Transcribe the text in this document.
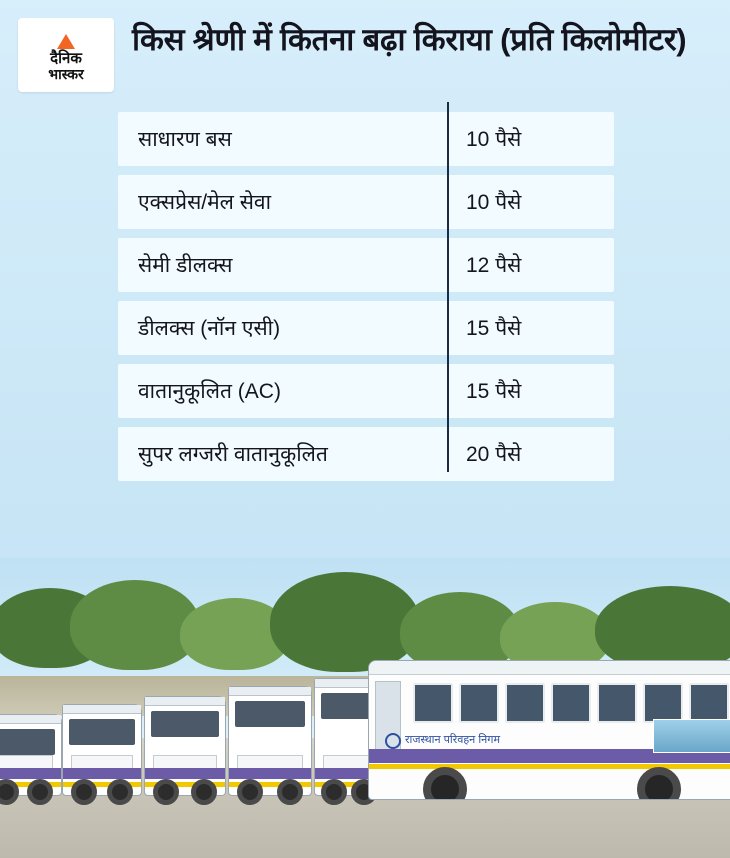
दैनिक
भास्कर
किस श्रेणी में कितना बढ़ा किराया (प्रति किलोमीटर)
साधारण बस	10 पैसे
एक्सप्रेस/मेल सेवा	10 पैसे
सेमी डीलक्स	12 पैसे
डीलक्स (नॉन एसी)	15 पैसे
वातानुकूलित (AC)	15 पैसे
सुपर लग्जरी वातानुकूलित	20 पैसे
राजस्थान परिवहन निगम
